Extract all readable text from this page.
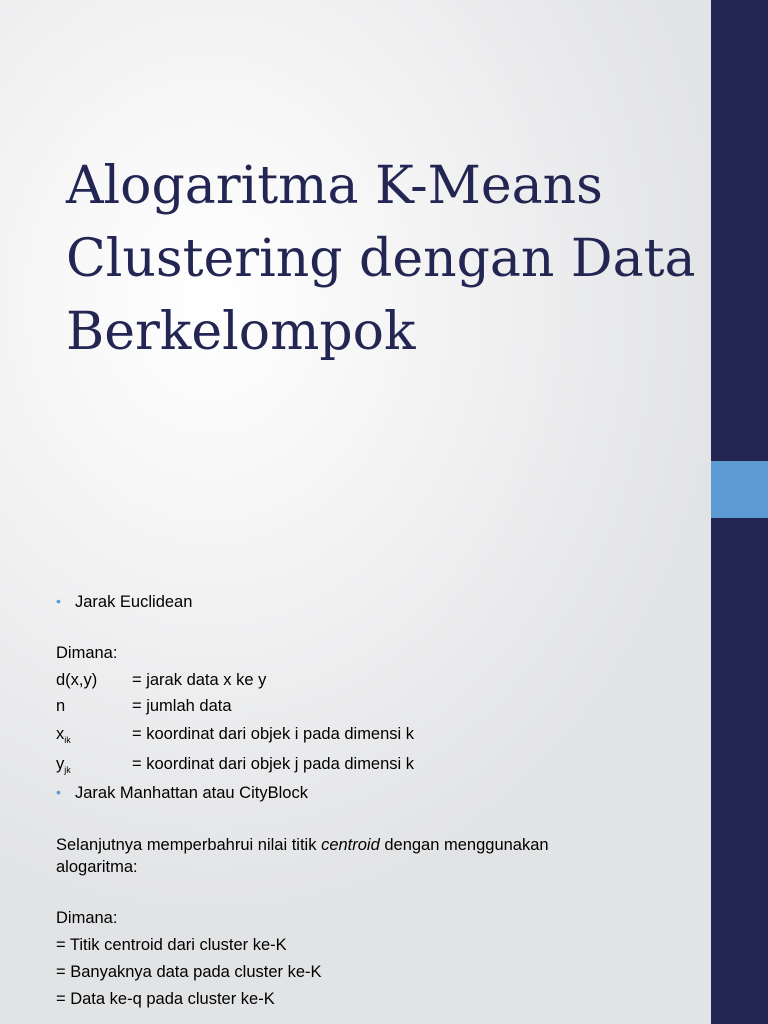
Alogaritma K-Means
Clustering dengan Data
Berkelompok
• Jarak Euclidean
Dimana:
d(x,y) = jarak data x ke y
n	= jumlah data
$x_{ik}$	= koordinat dari objek i pada dimensi k
$y_{jk}$	= koordinat dari objek j pada dimensi k
• Jarak Manhattan atau CityBlock
Selanjutnya memperbahrui nilai titik centroid dengan menggunakan
alogaritma:
Dimana:
= Titik centroid dari cluster ke-K
= Banyaknya data pada cluster ke-K
= Data ke-q pada cluster ke-K
